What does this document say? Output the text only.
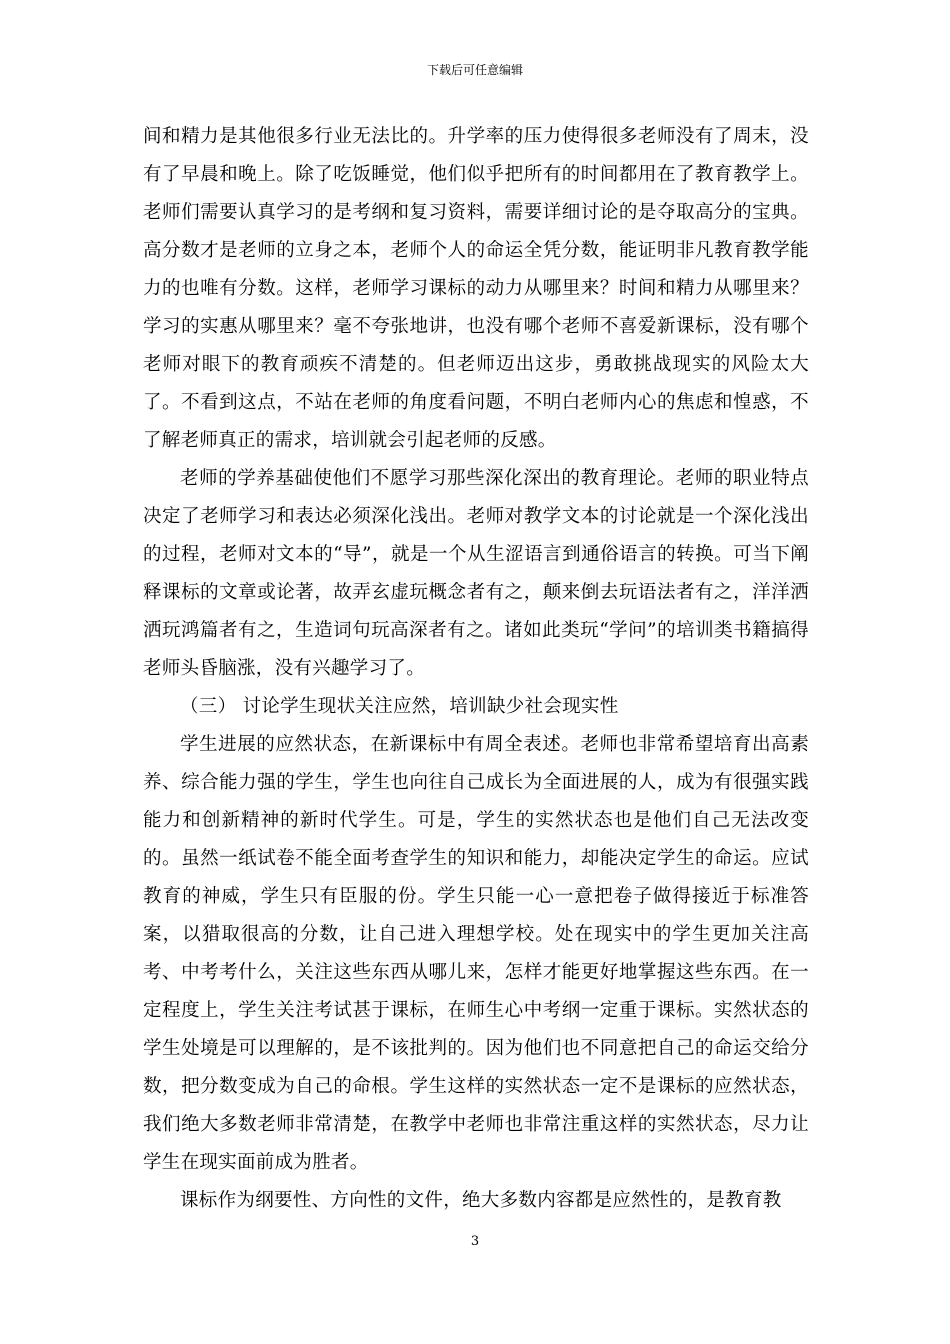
下载后可任意编辑

间和精力是其他很多行业无法比的。升学率的压力使得很多老师没有了周末，没有了早晨和晚上。除了吃饭睡觉，他们似乎把所有的时间都用在了教育教学上。老师们需要认真学习的是考纲和复习资料，需要详细讨论的是夺取高分的宝典。高分数才是老师的立身之本，老师个人的命运全凭分数，能证明非凡教育教学能力的也唯有分数。这样，老师学习课标的动力从哪里来？时间和精力从哪里来？学习的实惠从哪里来？毫不夸张地讲，也没有哪个老师不喜爱新课标，没有哪个老师对眼下的教育顽疾不清楚的。但老师迈出这步，勇敢挑战现实的风险太大了。不看到这点，不站在老师的角度看问题，不明白老师内心的焦虑和惶惑，不了解老师真正的需求，培训就会引起老师的反感。

老师的学养基础使他们不愿学习那些深化深出的教育理论。老师的职业特点决定了老师学习和表达必须深化浅出。老师对教学文本的讨论就是一个深化浅出的过程，老师对文本的“导”，就是一个从生涩语言到通俗语言的转换。可当下阐释课标的文章或论著，故弄玄虚玩概念者有之，颠来倒去玩语法者有之，洋洋洒洒玩鸿篇者有之，生造词句玩高深者有之。诸如此类玩“学问”的培训类书籍搞得老师头昏脑涨，没有兴趣学习了。

（三） 讨论学生现状关注应然，培训缺少社会现实性

学生进展的应然状态，在新课标中有周全表述。老师也非常希望培育出高素养、综合能力强的学生，学生也向往自己成长为全面进展的人，成为有很强实践能力和创新精神的新时代学生。可是，学生的实然状态也是他们自己无法改变的。虽然一纸试卷不能全面考查学生的知识和能力，却能决定学生的命运。应试教育的神威，学生只有臣服的份。学生只能一心一意把卷子做得接近于标准答案，以猎取很高的分数，让自己进入理想学校。处在现实中的学生更加关注高考、中考考什么，关注这些东西从哪儿来，怎样才能更好地掌握这些东西。在一定程度上，学生关注考试甚于课标，在师生心中考纲一定重于课标。实然状态的学生处境是可以理解的，是不该批判的。因为他们也不同意把自己的命运交给分数，把分数变成为自己的命根。学生这样的实然状态一定不是课标的应然状态，我们绝大多数老师非常清楚，在教学中老师也非常注重这样的实然状态，尽力让学生在现实面前成为胜者。

课标作为纲要性、方向性的文件，绝大多数内容都是应然性的，是教育教

3
